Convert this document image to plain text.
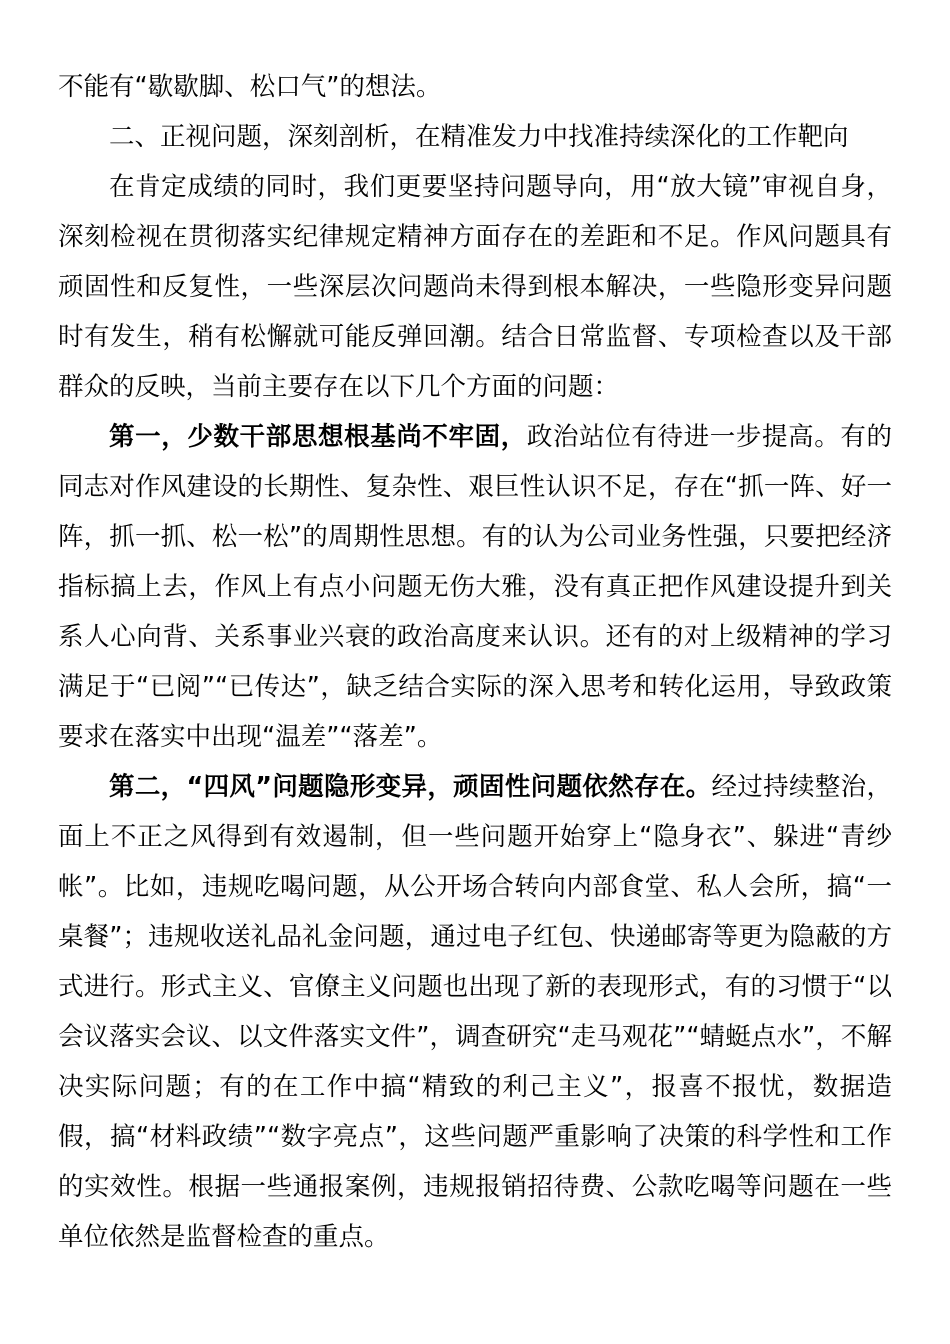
不能有“歇歇脚、松口气”的想法。

二、正视问题，深刻剖析，在精准发力中找准持续深化的工作靶向

在肯定成绩的同时，我们更要坚持问题导向，用“放大镜”审视自身，深刻检视在贯彻落实纪律规定精神方面存在的差距和不足。作风问题具有顽固性和反复性，一些深层次问题尚未得到根本解决，一些隐形变异问题时有发生，稍有松懈就可能反弹回潮。结合日常监督、专项检查以及干部群众的反映，当前主要存在以下几个方面的问题：

第一，少数干部思想根基尚不牢固，政治站位有待进一步提高。有的同志对作风建设的长期性、复杂性、艰巨性认识不足，存在“抓一阵、好一阵，抓一抓、松一松”的周期性思想。有的认为公司业务性强，只要把经济指标搞上去，作风上有点小问题无伤大雅，没有真正把作风建设提升到关系人心向背、关系事业兴衰的政治高度来认识。还有的对上级精神的学习满足于“已阅”“已传达”，缺乏结合实际的深入思考和转化运用，导致政策要求在落实中出现“温差”“落差”。

第二，“四风”问题隐形变异，顽固性问题依然存在。经过持续整治，面上不正之风得到有效遏制，但一些问题开始穿上“隐身衣”、躲进“青纱帐”。比如，违规吃喝问题，从公开场合转向内部食堂、私人会所，搞“一桌餐”；违规收送礼品礼金问题，通过电子红包、快递邮寄等更为隐蔽的方式进行。形式主义、官僚主义问题也出现了新的表现形式，有的习惯于“以会议落实会议、以文件落实文件”，调查研究“走马观花”“蜻蜓点水”，不解决实际问题；有的在工作中搞“精致的利己主义”，报喜不报忧，数据造假，搞“材料政绩”“数字亮点”，这些问题严重影响了决策的科学性和工作的实效性。根据一些通报案例，违规报销招待费、公款吃喝等问题在一些单位依然是监督检查的重点。
